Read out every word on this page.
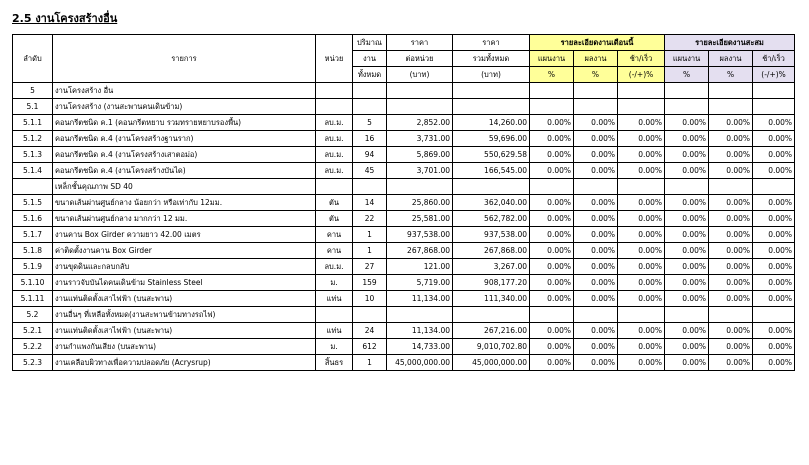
2.5 งานโครงสร้างอื่น
ลำดับ	รายการ	หน่วย	ปริมาณ	ราคา	ราคา	รายละเอียดงานเดือนนี้			รายละเอียดงานสะสม		
			งาน	ต่อหน่วย	รวมทั้งหมด	แผนงาน	ผลงาน	ช้า/เร็ว	แผนงาน	ผลงาน	ช้า/เร็ว
			ทั้งหมด	(บาท)	(บาท)	%	%	(-/+)%	%	%	(-/+)%
5	งานโครงสร้าง อื่น										
5.1	งานโครงสร้าง (งานสะพานคนเดินข้าม)										
5.1.1	คอนกรีตชนิด ค.1 (คอนกรีตหยาบ รวมทรายหยาบรองพื้น)	ลบ.ม.	5	2,852.00	14,260.00	0.00%	0.00%	0.00%	0.00%	0.00%	0.00%
5.1.2	คอนกรีตชนิด ค.4 (งานโครงสร้างฐานราก)	ลบ.ม.	16	3,731.00	59,696.00	0.00%	0.00%	0.00%	0.00%	0.00%	0.00%
5.1.3	คอนกรีตชนิด ค.4 (งานโครงสร้างเสาตอม่อ)	ลบ.ม.	94	5,869.00	550,629.58	0.00%	0.00%	0.00%	0.00%	0.00%	0.00%
5.1.4	คอนกรีตชนิด ค.4 (งานโครงสร้างบันได)	ลบ.ม.	45	3,701.00	166,545.00	0.00%	0.00%	0.00%	0.00%	0.00%	0.00%
	เหล็กชั้นคุณภาพ SD 40										
5.1.5	ขนาดเส้นผ่านศูนย์กลาง น้อยกว่า หรือเท่ากับ 12มม.	ตัน	14	25,860.00	362,040.00	0.00%	0.00%	0.00%	0.00%	0.00%	0.00%
5.1.6	ขนาดเส้นผ่านศูนย์กลาง มากกว่า 12 มม.	ตัน	22	25,581.00	562,782.00	0.00%	0.00%	0.00%	0.00%	0.00%	0.00%
5.1.7	งานคาน Box Girder ความยาว 42.00 เมตร	คาน	1	937,538.00	937,538.00	0.00%	0.00%	0.00%	0.00%	0.00%	0.00%
5.1.8	ค่าติดตั้งงานคาน Box Girder	คาน	1	267,868.00	267,868.00	0.00%	0.00%	0.00%	0.00%	0.00%	0.00%
5.1.9	งานขุดดินและกลบกลับ	ลบ.ม.	27	121.00	3,267.00	0.00%	0.00%	0.00%	0.00%	0.00%	0.00%
5.1.10	งานราวจับบันไดคนเดินข้าม Stainless Steel	ม.	159	5,719.00	908,177.20	0.00%	0.00%	0.00%	0.00%	0.00%	0.00%
5.1.11	งานแท่นติดตั้งเสาไฟฟ้า (บนสะพาน)	แท่น	10	11,134.00	111,340.00	0.00%	0.00%	0.00%	0.00%	0.00%	0.00%
5.2	งานอื่นๆ ที่เหลือทั้งหมด(งานสะพานข้ามทางรถไฟ)										
5.2.1	งานแท่นติดตั้งเสาไฟฟ้า (บนสะพาน)	แท่น	24	11,134.00	267,216.00	0.00%	0.00%	0.00%	0.00%	0.00%	0.00%
5.2.2	งานกำแพงกันเสียง (บนสะพาน)	ม.	612	14,733.00	9,010,702.80	0.00%	0.00%	0.00%	0.00%	0.00%	0.00%
5.2.3	งานเคลือบผิวทางเพื่อความปลอดภัย (Acrysrup)	สิ้นธร	1	45,000,000.00	45,000,000.00	0.00%	0.00%	0.00%	0.00%	0.00%	0.00%
